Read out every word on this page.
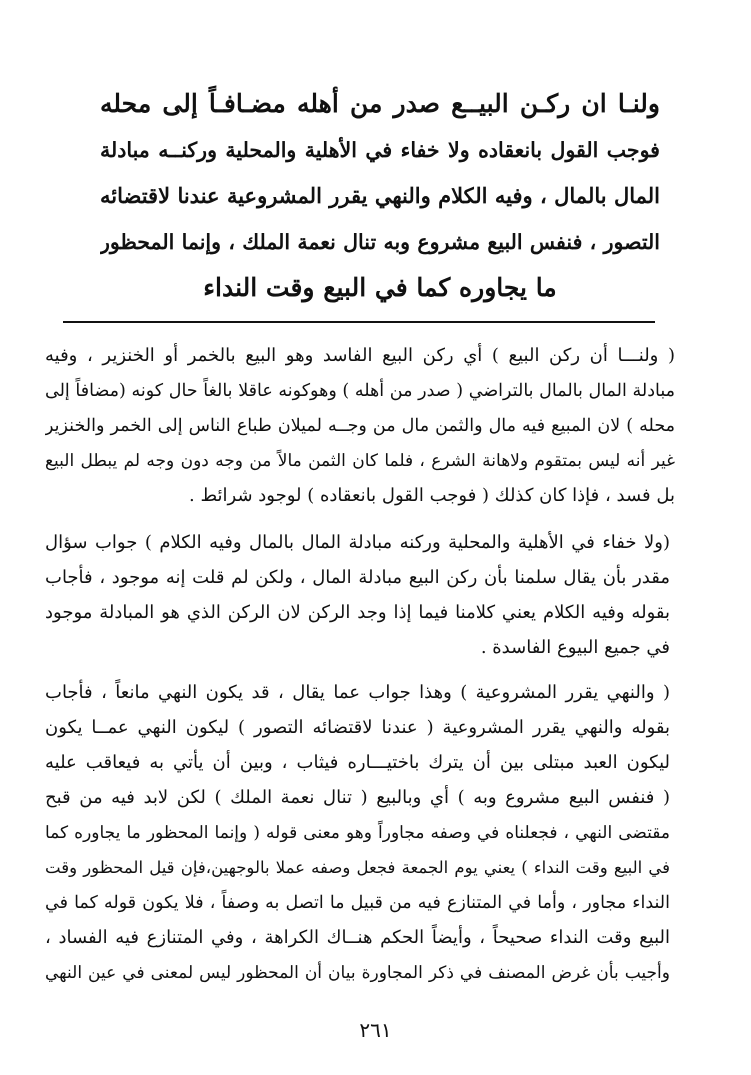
ولنـا ان ركـن البيــع صدر من أهله مضـافـاً إلى محله
فوجب القول بانعقاده ولا خفاء في الأهلية والمحلية وركنــه مبادلة
المال بالمال ، وفيه الكلام والنهي يقرر المشروعية عندنا لاقتضائه
التصور ، فنفس البيع مشروع وبه تنال نعمة الملك ، وإنما المحظور
ما يجاوره كما في البيع وقت النداء
( ولنـــا أن ركن البيع ) أي ركن البيع الفاسد وهو البيع بالخمر أو الخنزير ، وفيه
مبادلة المال بالمال بالتراضي ( صدر من أهله ) وهوكونه عاقلا بالغاً حال كونه (مضافاً إلى
محله ) لان المبيع فيه مال والثمن مال من وجــه لميلان طباع الناس إلى الخمر والخنزير
غير أنه ليس بمتقوم ولاهانة الشرع ، فلما كان الثمن مالاً من وجه دون وجه لم يبطل البيع
بل فسد ، فإذا كان كذلك ( فوجب القول بانعقاده ) لوجود شرائط .
(ولا خفاء في الأهلية والمحلية وركنه مبادلة المال بالمال وفيه الكلام ) جواب سؤال
مقدر بأن يقال سلمنا بأن ركن البيع مبادلة المال ، ولكن لم قلت إنه موجود ، فأجاب
بقوله وفيه الكلام يعني كلامنا فيما إذا وجد الركن لان الركن الذي هو المبادلة موجود
في جميع البيوع الفاسدة .
( والنهي يقرر المشروعية ) وهذا جواب عما يقال ، قد يكون النهي مانعاً ، فأجاب
بقوله والنهي يقرر المشروعية ( عندنا لاقتضائه التصور ) ليكون النهي عمــا يكون
ليكون العبد مبتلى بين أن يترك باختيـــاره فيثاب ، وبين أن يأتي به فيعاقب عليه
( فنفس البيع مشروع وبه ) أي وبالبيع ( تنال نعمة الملك ) لكن لابد فيه من قبح
مقتضى النهي ، فجعلناه في وصفه مجاوراً وهو معنى قوله ( وإنما المحظور ما يجاوره كما
في البيع وقت النداء ) يعني يوم الجمعة فجعل وصفه عملا بالوجهين،فإن قيل المحظور وقت
النداء مجاور ، وأما في المتنازع فيه من قبيل ما اتصل به وصفاً ، فلا يكون قوله كما في
البيع وقت النداء صحيحاً ، وأيضاً الحكم هنــاك الكراهة ، وفي المتنازع فيه الفساد ،
وأجيب بأن غرض المصنف في ذكر المجاورة بيان أن المحظور ليس لمعنى في عين النهي
٢٦١
